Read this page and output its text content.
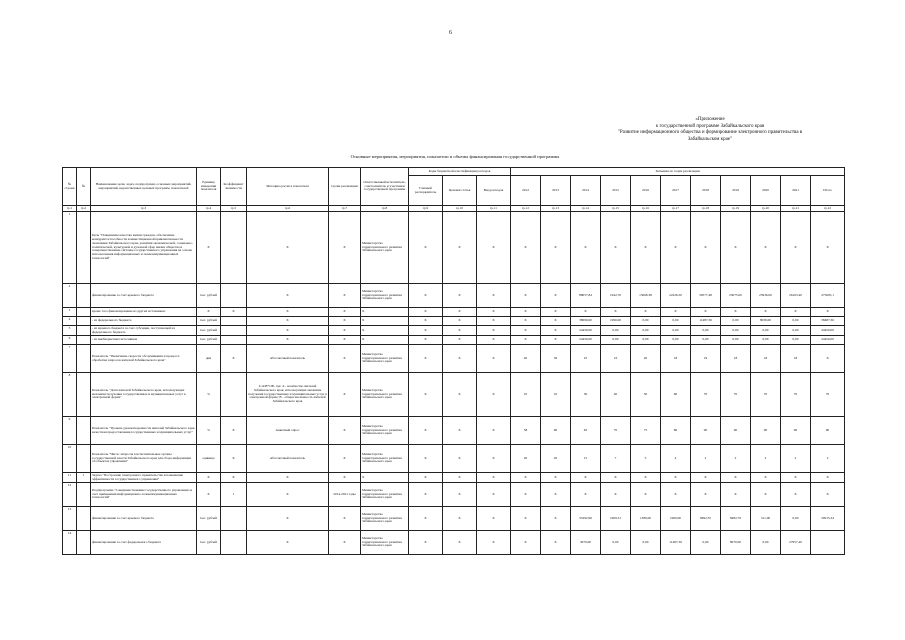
6
«Приложение
к государственной программе Забайкальского края
"Развитие информационного общества и формирование электронного правительства в
Забайкальском крае"
Основные мероприятия, мероприятия, показатели и объемы финансирования государственной программы
№ строки	№	Наименование цели, задач, подпрограмм, основных мероприятий, мероприятий, ведомственных целевых программ, показателей	Единица измерения показателя	Коэффициент значимости	Методика расчета показателя	Сроки реализации	Ответственный исполнитель, соисполнитель и участники государственной программы	Коды бюджетной классификации расходов			Значения по годам реализации										
								Главный распорядитель	Целевая статья	Вид расходов	2012	2013	2014	2015	2016	2017	2018	2019	2020	2021	Итого
гр.1	гр.2	гр.3	гр.4	гр.5	гр.6	гр.7	гр.8	гр.9	гр.10	гр.11	гр.12	гр.13	гр.14	гр.15	гр.16	гр.17	гр.18	гр.19	гр.20	гр.21	гр.22
1		Цель "Повышение качества жизни граждан, обеспечение конкурентоспособности и инвестиционной привлекательности экономики Забайкальского края, развития экономической, социально-политической, культурной и духовной сфер жизни общества и совершенствование системы государственного управления на основе использования информационных и телекоммуникационных технологий"	Х		Х	Х	Министерство территориального развития Забайкальского края	Х	Х	Х	Х	Х	Х	Х	Х	Х	Х	Х	Х	Х	Х
2		финансирование за счет краевого бюджета	тыс. рублей		Х	Х	Министерство территориального развития Забайкальского края	Х	Х	Х	Х	Х	88057,84	1942,70	15066,38	22226,50	30577,48	25075,00	25936,00	26163,40	275605,1
3		кроме того финансирование из других источников:	Х	Х	Х	Х	Х	Х	Х	Х	Х	Х	Х	Х	Х	Х	Х	Х	Х	Х	Х
4		- из федерального бюджета	тыс. рублей		Х	Х	Х	Х	Х	Х	Х	Х	38090,00	1090,00	0,00	0,00	11487,36	0,00	8036,00	0,00	58487,36
5		- из краевого бюджета за счет субсидии, поступающей из федерального бюджета	тыс. рублей		Х	Х	Х	Х	Х	Х	Х	Х	24450,00	0,00	0,00	0,00	0,00	0,00	0,00	0,00	24450,00
6		- из внебюджетных источников	тыс. рублей		Х	Х	Х	Х	Х	Х	Х	Х	24450,00	0,00	0,00	0,00	0,00	0,00	0,00	0,00	24450,00
7		Показатель "Увеличение скорости обслуживания и процесса обработки запросов жителей Забайкальского края"	дни	Х	Абсолютный показатель	Х	Министерство территориального развития Забайкальского края	Х	Х	Х	40	30	25	23	20	18	19	18	18	18	Х
8		Показатель "Доля жителей Забайкальского края, использующих механизм получения государственных и муниципальных услуг в электронной форме"	%		I=A/B*100, где: A - количество жителей Забайкальского края, использующих механизм получения государственных и муниципальных услуг в электронной форме; B - общая численность жителей Забайкальского края	Х	Министерство территориального развития Забайкальского края	Х	Х	Х	10	10	30	40	50	60	70	70	70	70	70
9		Показатель "Уровень удовлетворенности жителей Забайкальского края качеством предоставления государственных и муниципальных услуг"	%	Х	Анкетный опрос	Х	Министерство территориального развития Забайкальского края	Х	Х	Х	58	60	65	70	75	80	90	90	90	90	90
10		Показатель "Число запросов в исполнительные органы государственной власти Забайкальского края для сбора информации об объектах управления"	единица	Х	Абсолютный показатель	Х	Министерство территориального развития Забайкальского края	Х	Х	Х	20	20	15	7	5	4	2	2	2	2	2
11	1	Задача "Построение электронного правительства и повышение эффективности государственного управления"	Х	Х	Х	Х	Х	Х	Х	Х	Х	Х	Х	Х	Х	Х	Х	Х	Х	Х	Х
12		Подпрограмма "Совершенствование государственного управления за счет применения информационно-телекоммуникационных технологий"	Х	1	Х	2014-2021 годы	Министерство территориального развития Забайкальского края	Х	Х	Х	Х	Х	Х	Х	Х	Х	Х	Х	Х	Х	Х
13		финансирование за счет краевого бюджета	тыс. рублей		Х	Х	Министерство территориального развития Забайкальского края	Х	Х	Х	Х	Х	35292,99	1909,31	1386,00	1900,00	9692,35	8482,79	311,00	0,00	59015,34
14		финансирование за счет федерального бюджета	тыс. рублей		Х	Х	Министерство территориального развития Забайкальского края	Х	Х	Х	Х	Х	3070,00	0,00	0,00	11487,36	0,00	8070,00	0,00	27957,40	
